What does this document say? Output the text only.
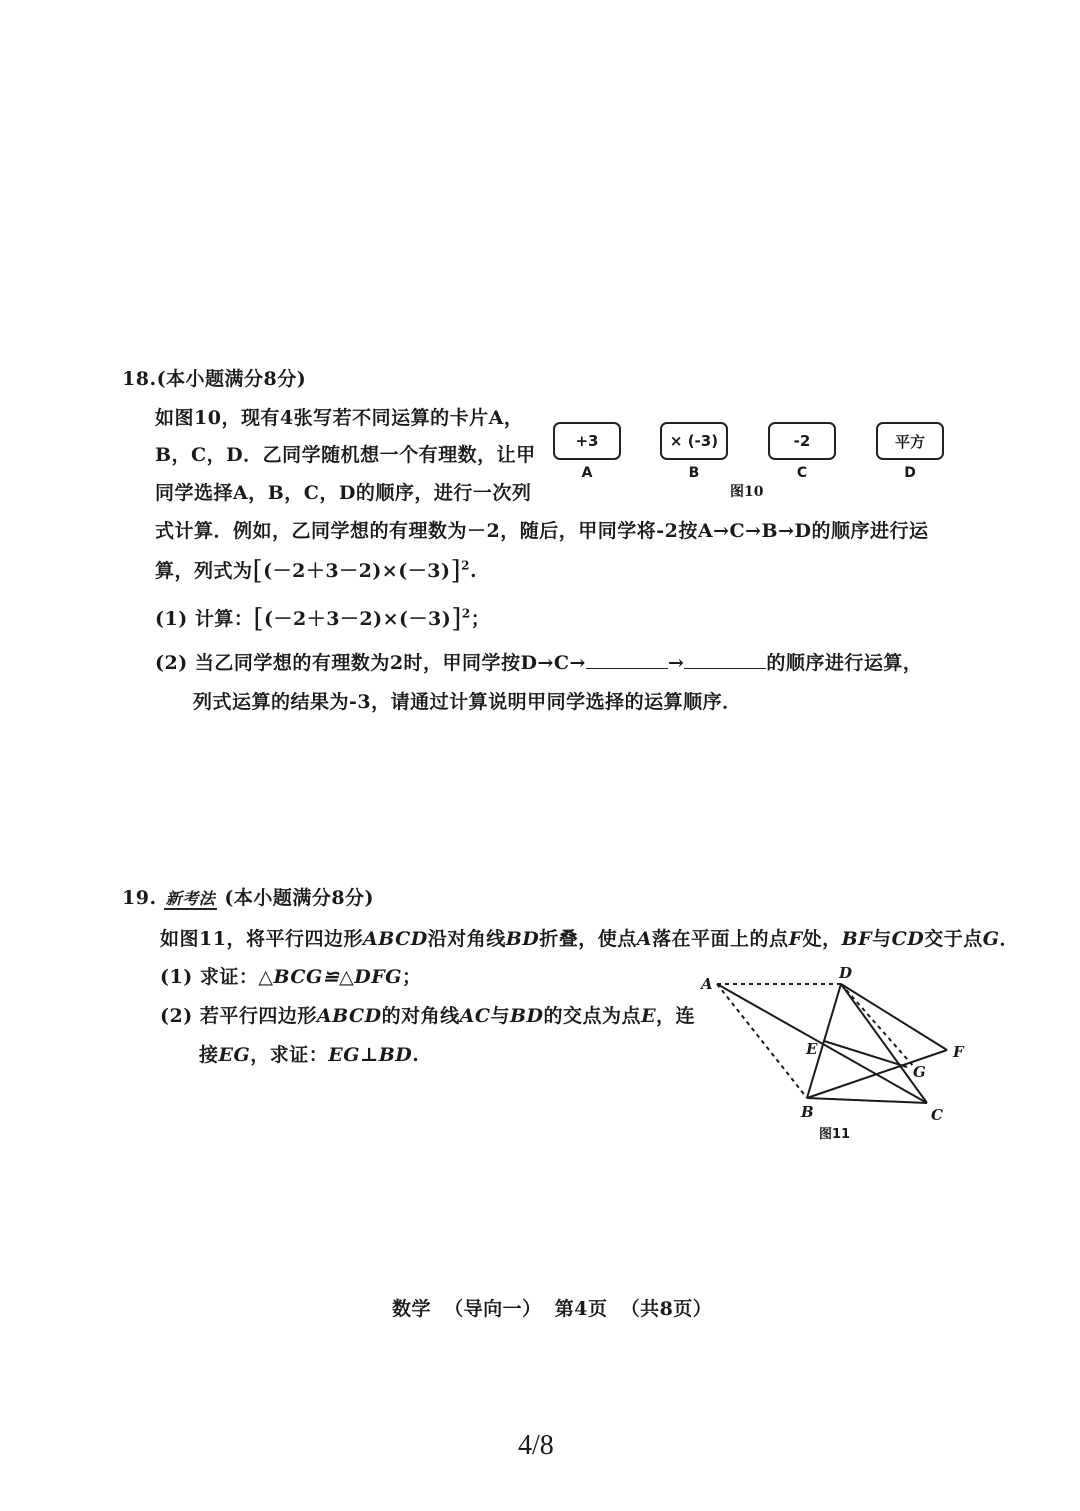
18.(本小题满分8分)
如图10，现有4张写若不同运算的卡片A，
B，C，D．乙同学随机想一个有理数，让甲
同学选择A，B，C，D的顺序，进行一次列
式计算．例如，乙同学想的有理数为－2，随后，甲同学将-2按A→C→B→D的顺序进行运
算，列式为$[(-2+3-2)\times(-3)]^2$.
(1) 计算：$[(-2+3-2)\times(-3)]^2$；
(2) 当乙同学想的有理数为2时，甲同学按D→C→	→	的顺序进行运算，
列式运算的结果为-3，请通过计算说明甲同学选择的运算顺序．
+3
A
× (-3)
B
-2
C
平方
D
图10
19. 新考法 (本小题满分8分)
如图11，将平行四边形ABCD沿对角线BD折叠，使点A落在平面上的点F处，BF与CD交于点G．
(1) 求证：△BCG≌△DFG；
(2) 若平行四边形ABCD的对角线AC与BD的交点为点E，连
接EG，求证：EG⊥BD.
A
D
E	F
G
B	C
图11
数学 （导向一） 第4页 （共8页）
4/8
